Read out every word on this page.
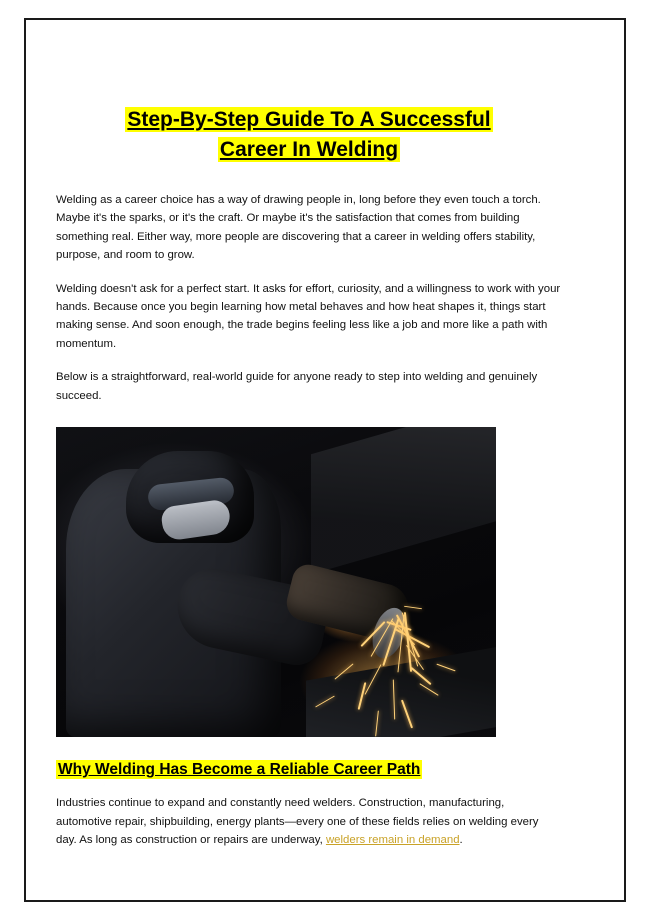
Step-By-Step Guide To A Successful
Career In Welding

Welding as a career choice has a way of drawing people in, long before they even touch a torch. Maybe it's the sparks, or it's the craft. Or maybe it's the satisfaction that comes from building something real. Either way, more people are discovering that a career in welding offers stability, purpose, and room to grow.

Welding doesn't ask for a perfect start. It asks for effort, curiosity, and a willingness to work with your hands. Because once you begin learning how metal behaves and how heat shapes it, things start making sense. And soon enough, the trade begins feeling less like a job and more like a path with momentum.

Below is a straightforward, real-world guide for anyone ready to step into welding and genuinely succeed.

Why Welding Has Become a Reliable Career Path

Industries continue to expand and constantly need welders. Construction, manufacturing, automotive repair, shipbuilding, energy plants—every one of these fields relies on welding every day. As long as construction or repairs are underway, welders remain in demand.
